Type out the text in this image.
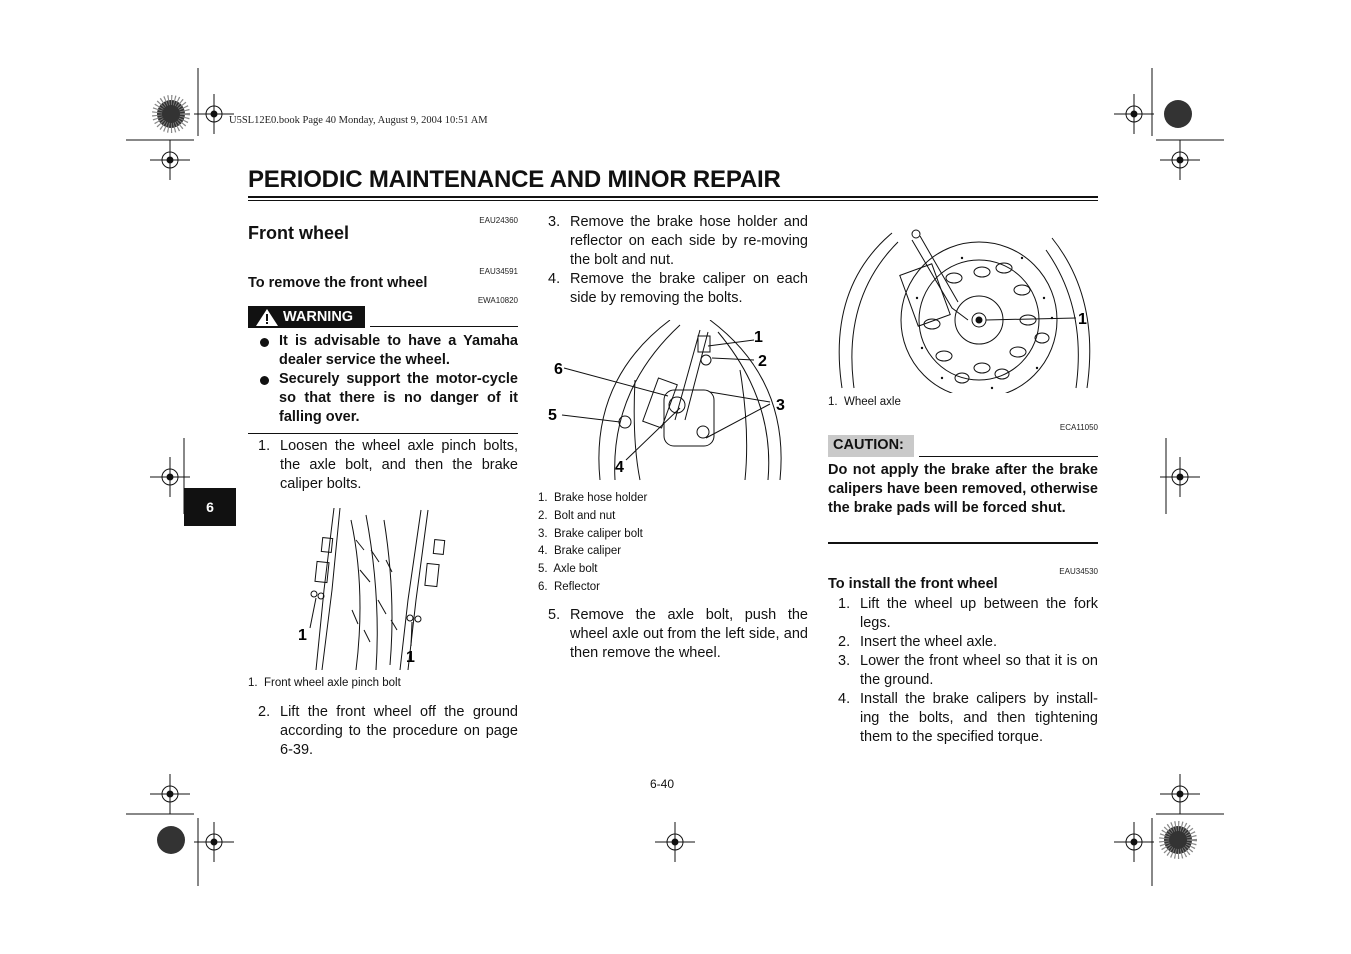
U5SL12E0.book Page 40 Monday, August 9, 2004 10:51 AM
PERIODIC MAINTENANCE AND MINOR REPAIR
6
EAU24360
Front wheel
EAU34591
To remove the front wheel
EWA10820
WARNING
It is advisable to have a Yamaha dealer service the wheel.
Securely support the motor-cycle so that there is no danger of it falling over.
1. Loosen the wheel axle pinch bolts, the axle bolt, and then the brake caliper bolts.
1
1
1. Front wheel axle pinch bolt
2. Lift the front wheel off the ground according to the procedure on page 6-39.
3. Remove the brake hose holder and reflector on each side by re-moving the bolt and nut.
4. Remove the brake caliper on each side by removing the bolts.
1
2
3
4
5
6
1. Brake hose holder
2. Bolt and nut
3. Brake caliper bolt
4. Brake caliper
5. Axle bolt
6. Reflector
5. Remove the axle bolt, push the wheel axle out from the left side, and then remove the wheel.
1
1. Wheel axle
ECA11050
CAUTION:
Do not apply the brake after the brake calipers have been removed, otherwise the brake pads will be forced shut.
EAU34530
To install the front wheel
1. Lift the wheel up between the fork legs.
2. Insert the wheel axle.
3. Lower the front wheel so that it is on the ground.
4. Install the brake calipers by install-ing the bolts, and then tightening them to the specified torque.
6-40
